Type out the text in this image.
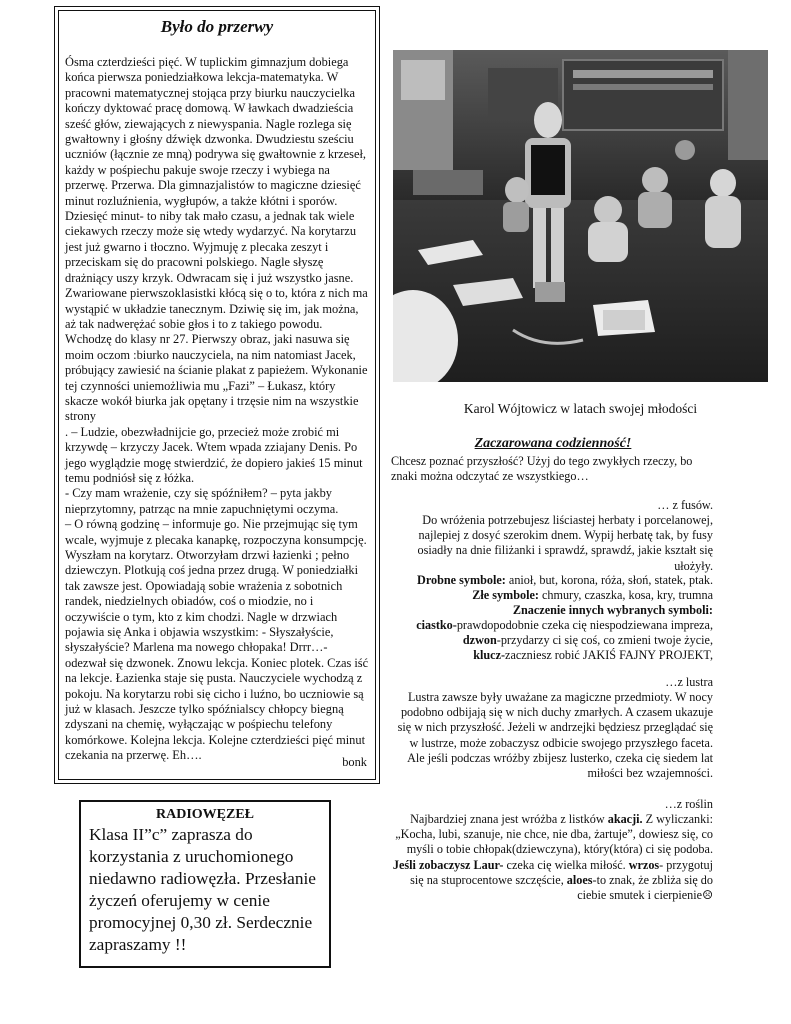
Było do przerwy

Ósma czterdzieści pięć. W tuplickim gimnazjum dobiega końca pierwsza poniedziałkowa lekcja-matematyka. W pracowni matematycznej stojąca przy biurku nauczycielka kończy dyktować pracę domową. W ławkach dwadzieścia sześć głów, ziewających z niewyspania. Nagle rozlega się gwałtowny i głośny dźwięk dzwonka. Dwudziestu sześciu uczniów (łącznie ze mną) podrywa się gwałtownie z krzeseł, każdy w pośpiechu pakuje swoje rzeczy i wybiega na przerwę. Przerwa. Dla gimnazjalistów to magiczne dziesięć minut rozluźnienia, wygłupów, a także kłótni i sporów. Dziesięć minut- to niby tak mało czasu, a jednak tak wiele ciekawych rzeczy może się wtedy wydarzyć. Na korytarzu jest już gwarno i tłoczno. Wyjmuję z plecaka zeszyt i przeciskam się do pracowni polskiego. Nagle słyszę drażniący uszy krzyk. Odwracam się i już wszystko jasne. Zwariowane pierwszoklasistki kłócą się o to, która z nich ma wystąpić w układzie tanecznym. Dziwię się im, jak można, aż tak nadwerężać sobie głos i to z takiego powodu. Wchodzę do klasy nr 27. Pierwszy obraz, jaki nasuwa się moim oczom :biurko nauczyciela, na nim natomiast Jacek, próbujący zawiesić na ścianie plakat z papieżem. Wykonanie tej czynności uniemożliwia mu „Fazi” – Łukasz, który skacze wokół biurka jak opętany i trzęsie nim na wszystkie strony

. – Ludzie, obezwładnijcie go, przecież może zrobić mi krzywdę – krzyczy Jacek. Wtem wpada zziajany Denis. Po jego wyglądzie mogę stwierdzić, że dopiero jakieś 15 minut temu podniósł się z łóżka.

- Czy mam wrażenie, czy się spóźniłem? – pyta jakby nieprzytomny, patrząc na mnie zapuchniętymi oczyma.

– O równą godzinę – informuje go. Nie przejmując się tym wcale, wyjmuje z plecaka kanapkę, rozpoczyna konsumpcję. Wyszłam na korytarz. Otworzyłam drzwi łazienki ; pełno dziewczyn. Plotkują coś jedna przez drugą. W poniedziałki tak zawsze jest. Opowiadają sobie wrażenia z sobotnich randek, niedzielnych obiadów, coś o miodzie, no i oczywiście o tym, kto z kim chodzi. Nagle w drzwiach pojawia się Anka i objawia wszystkim: - Słyszałyście, słyszałyście? Marlena ma nowego chłopaka! Drrr…- odezwał się dzwonek. Znowu lekcja. Koniec plotek. Czas iść na lekcje. Łazienka staje się pusta. Nauczyciele wychodzą z pokoju. Na korytarzu robi się cicho i luźno, bo uczniowie są już w klasach. Jeszcze tylko spóźnialscy chłopcy biegną zdyszani na chemię, wyłączając w pośpiechu telefony komórkowe. Kolejna lekcja. Kolejne czterdzieści pięć minut czekania na przerwę. Eh….	bonk
RADIOWĘZEŁ
Klasa II”c” zaprasza do korzystania z uruchomionego niedawno radiowęzła. Przesłanie życzeń oferujemy w cenie promocyjnej 0,30 zł. Serdecznie zapraszamy !!
Karol Wójtowicz w latach swojej młodości
Zaczarowana codzienność!
Chcesz poznać przyszłość? Użyj do tego zwykłych rzeczy, bo znaki można odczytać ze wszystkiego…
… z fusów.
Do wróżenia potrzebujesz liściastej herbaty i porcelanowej, najlepiej z dosyć szerokim dnem. Wypij herbatę tak, by fusy osiadły na dnie filiżanki i sprawdź, sprawdź, jakie kształt się ułożyły.
Drobne symbole: anioł, but, korona, róża, słoń, statek, ptak.
Złe symbole: chmury, czaszka, kosa, kry, trumna
Znaczenie innych wybranych symboli:
ciastko-prawdopodobnie czeka cię niespodziewana impreza,
dzwon-przydarzy ci się coś, co zmieni twoje życie,
klucz-zaczniesz robić JAKIŚ FAJNY PROJEKT,
…z lustra
Lustra zawsze były uważane za magiczne przedmioty. W nocy podobno odbijają się w nich duchy zmarłych. A czasem ukazuje się w nich przyszłość. Jeżeli w andrzejki będziesz przeglądać się w lustrze, może zobaczysz odbicie swojego przyszłego faceta. Ale jeśli podczas wróżby zbijesz lusterko, czeka cię siedem lat miłości bez wzajemności.
…z roślin
Najbardziej znana jest wróżba z listków akacji. Z wyliczanki: „Kocha, lubi, szanuje, nie chce, nie dba, żartuje”, dowiesz się, co myśli o tobie chłopak(dziewczyna), który(która) ci się podoba. Jeśli zobaczysz Laur- czeka cię wielka miłość. wrzos- przygotuj się na stuprocentowe szczęście, aloes-to znak, że zbliża się do ciebie smutek i cierpienie☹
